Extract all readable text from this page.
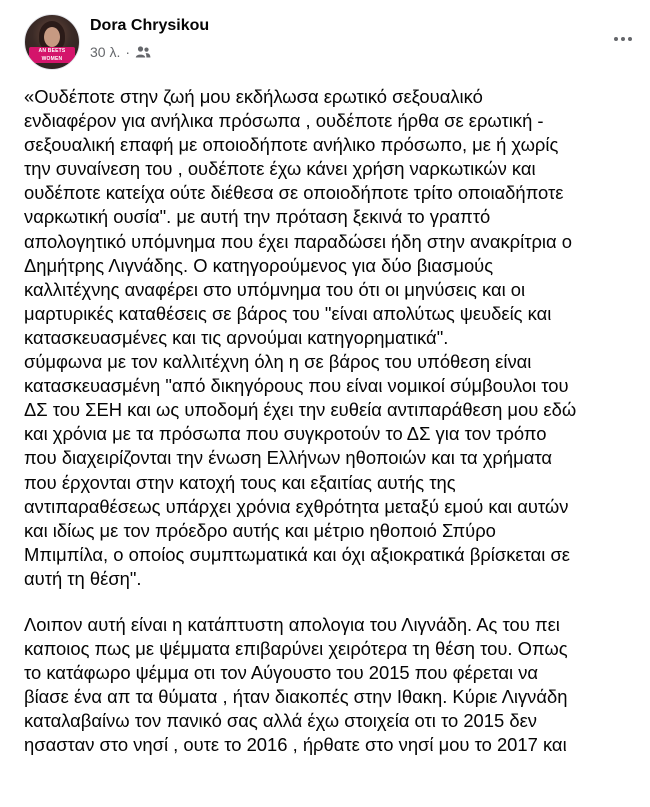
AN BEETS WOMEN
Dora Chrysikou
30 λ. ·

«Ουδέποτε στην ζωή μου εκδήλωσα ερωτικό σεξουαλικό

ενδιαφέρον για ανήλικα πρόσωπα , ουδέποτε ήρθα σε ερωτική -

σεξουαλική επαφή με οποιοδήποτε ανήλικο πρόσωπο, με ή χωρίς

την συναίνεση του , ουδέποτε έχω κάνει χρήση ναρκωτικών και

ουδέποτε κατείχα ούτε διέθεσα σε οποιοδήποτε τρίτο οποιαδήποτε

ναρκωτική ουσία". με αυτή την πρόταση ξεκινά το γραπτό

απολογητικό υπόμνημα που έχει παραδώσει ήδη στην ανακρίτρια ο

Δημήτρης Λιγνάδης. Ο κατηγορούμενος για δύο βιασμούς

καλλιτέχνης αναφέρει στο υπόμνημα του ότι οι μηνύσεις και οι

μαρτυρικές καταθέσεις σε βάρος του "είναι απολύτως ψευδείς και

κατασκευασμένες και τις αρνούμαι κατηγορηματικά".

σύμφωνα με τον καλλιτέχνη όλη η σε βάρος του υπόθεση είναι

κατασκευασμένη "από δικηγόρους που είναι νομικοί σύμβουλοι του

ΔΣ του ΣΕΗ και ως υποδομή έχει την ευθεία αντιπαράθεση μου εδώ

και χρόνια με τα πρόσωπα που συγκροτούν το ΔΣ για τον τρόπο

που διαχειρίζονται την ένωση Ελλήνων ηθοποιών και τα χρήματα

που έρχονται στην κατοχή τους και εξαιτίας αυτής της

αντιπαραθέσεως υπάρχει χρόνια εχθρότητα μεταξύ εμού και αυτών

και ιδίως με τον πρόεδρο αυτής και μέτριο ηθοποιό Σπύρο

Μπιμπίλα, ο οποίος συμπτωματικά και όχι αξιοκρατικά βρίσκεται σε

αυτή τη θέση".

Λοιπον αυτή είναι η κατάπτυστη απολογια του Λιγνάδη. Ας του πει

καποιος πως με ψέμματα επιβαρύνει χειρότερα τη θέση του. Οπως

το κατάφωρο ψέμμα οτι τον Αύγουστο του 2015 που φέρεται να

βίασε ένα απ τα θύματα , ήταν διακοπές στην Ιθακη. Κύριε Λιγνάδη

καταλαβαίνω τον πανικό σας αλλά έχω στοιχεία οτι το 2015 δεν

ησασταν στο νησί , ουτε το 2016 , ήρθατε στο νησί μου το 2017 και
